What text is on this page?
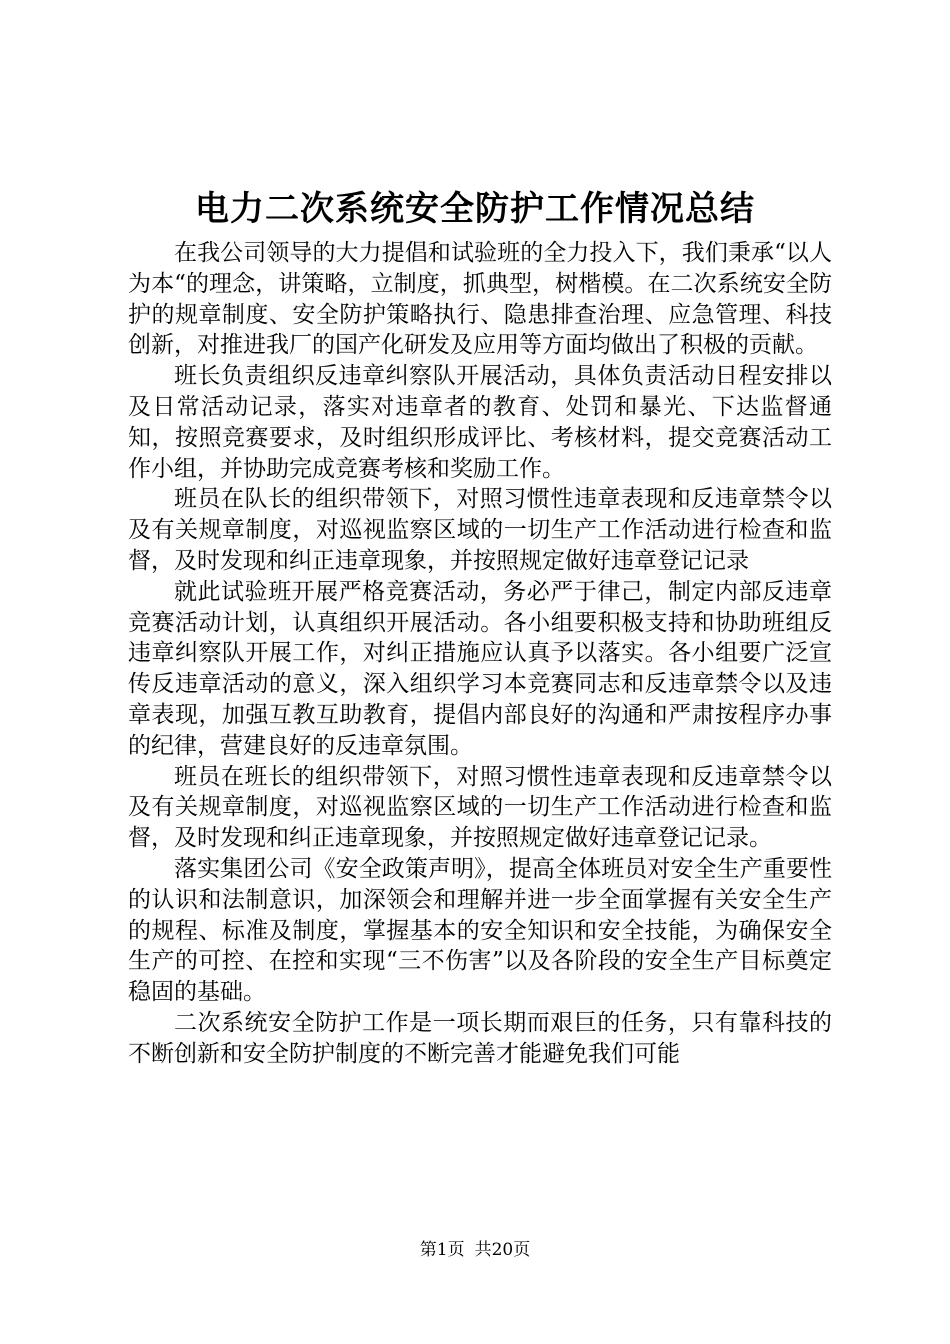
电力二次系统安全防护工作情况总结

在我公司领导的大力提倡和试验班的全力投入下，我们秉承“以人为本“的理念，讲策略，立制度，抓典型，树楷模。在二次系统安全防护的规章制度、安全防护策略执行、隐患排查治理、应急管理、科技创新，对推进我厂的国产化研发及应用等方面均做出了积极的贡献。

班长负责组织反违章纠察队开展活动，具体负责活动日程安排以及日常活动记录，落实对违章者的教育、处罚和暴光、下达监督通知，按照竞赛要求，及时组织形成评比、考核材料，提交竞赛活动工作小组，并协助完成竞赛考核和奖励工作。

班员在队长的组织带领下，对照习惯性违章表现和反违章禁令以及有关规章制度，对巡视监察区域的一切生产工作活动进行检查和监督，及时发现和纠正违章现象，并按照规定做好违章登记记录

就此试验班开展严格竞赛活动，务必严于律己，制定内部反违章竞赛活动计划，认真组织开展活动。各小组要积极支持和协助班组反违章纠察队开展工作，对纠正措施应认真予以落实。各小组要广泛宣传反违章活动的意义，深入组织学习本竞赛同志和反违章禁令以及违章表现，加强互教互助教育，提倡内部良好的沟通和严肃按程序办事的纪律，营建良好的反违章氛围。

班员在班长的组织带领下，对照习惯性违章表现和反违章禁令以及有关规章制度，对巡视监察区域的一切生产工作活动进行检查和监督，及时发现和纠正违章现象，并按照规定做好违章登记记录。

落实集团公司《安全政策声明》，提高全体班员对安全生产重要性的认识和法制意识，加深领会和理解并进一步全面掌握有关安全生产的规程、标准及制度，掌握基本的安全知识和安全技能，为确保安全生产的可控、在控和实现“三不伤害”以及各阶段的安全生产目标奠定稳固的基础。

二次系统安全防护工作是一项长期而艰巨的任务，只有靠科技的不断创新和安全防护制度的不断完善才能避免我们可能

第1页 共20页
